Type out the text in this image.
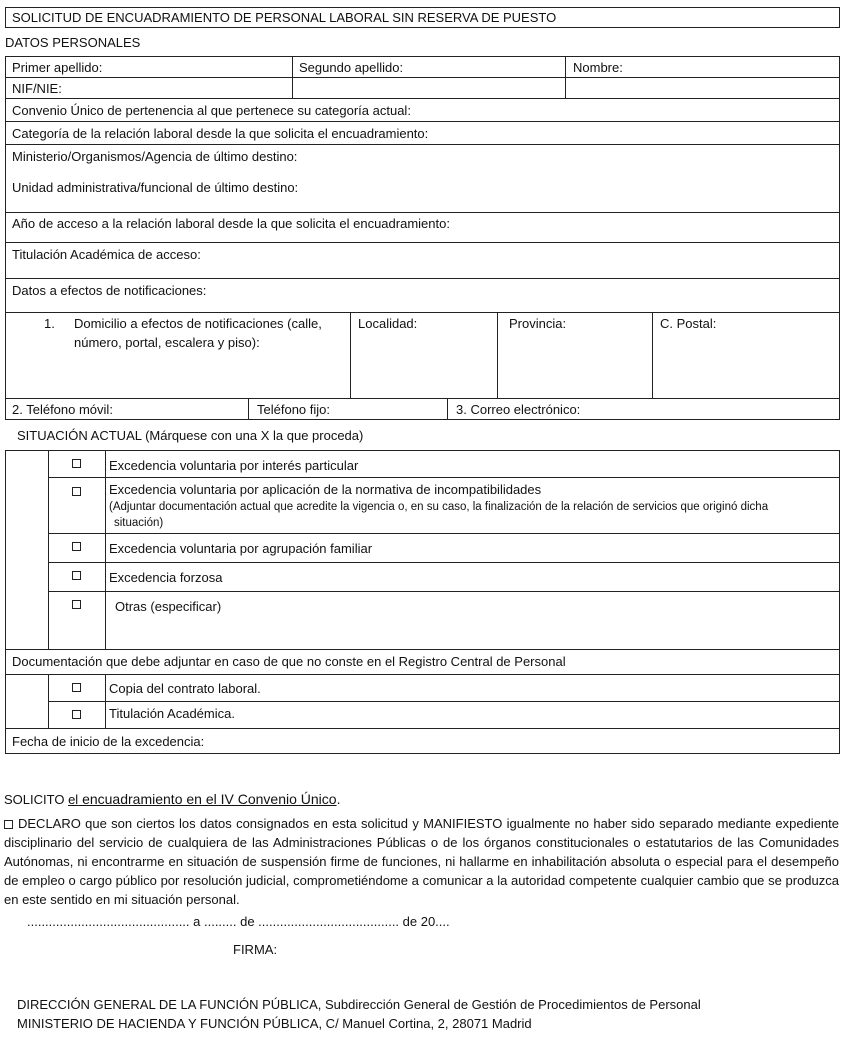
SOLICITUD DE ENCUADRAMIENTO DE PERSONAL LABORAL SIN RESERVA DE PUESTO
DATOS PERSONALES
Primer apellido:	Segundo apellido:	Nombre:
NIF/NIE:
Convenio Único de pertenencia al que pertenece su categoría actual:
Categoría de la relación laboral desde la que solicita el encuadramiento:
Ministerio/Organismos/Agencia de último destino:
Unidad administrativa/funcional de último destino:
Año de acceso a la relación laboral desde la que solicita el encuadramiento:
Titulación Académica de acceso:
Datos a efectos de notificaciones:
1. Domicilio a efectos de notificaciones (calle,
número, portal, escalera y piso):
Localidad:	Provincia:	C. Postal:
2. Teléfono móvil:	Teléfono fijo:	3. Correo electrónico:
SITUACIÓN ACTUAL (Márquese con una X la que proceda)
Excedencia voluntaria por interés particular
Excedencia voluntaria por aplicación de la normativa de incompatibilidades
(Adjuntar documentación actual que acredite la vigencia o, en su caso, la finalización de la relación de servicios que originó dicha
situación)
Excedencia voluntaria por agrupación familiar
Excedencia forzosa
Otras (especificar)
Documentación que debe adjuntar en caso de que no conste en el Registro Central de Personal
Copia del contrato laboral.
Titulación Académica.
Fecha de inicio de la excedencia:
SOLICITO el encuadramiento en el IV Convenio Único.
DECLARO que son ciertos los datos consignados en esta solicitud y MANIFIESTO igualmente no haber sido separado mediante expediente disciplinario del servicio de cualquiera de las Administraciones Públicas o de los órganos constitucionales o estatutarios de las Comunidades Autónomas, ni encontrarme en situación de suspensión firme de funciones, ni hallarme en inhabilitación absoluta o especial para el desempeño de empleo o cargo público por resolución judicial, comprometiéndome a comunicar a la autoridad competente cualquier cambio que se produzca en este sentido en mi situación personal.
............................................. a ......... de ....................................... de 20....
FIRMA:
DIRECCIÓN GENERAL DE LA FUNCIÓN PÚBLICA, Subdirección General de Gestión de Procedimientos de Personal
MINISTERIO DE HACIENDA Y FUNCIÓN PÚBLICA, C/ Manuel Cortina, 2, 28071 Madrid
